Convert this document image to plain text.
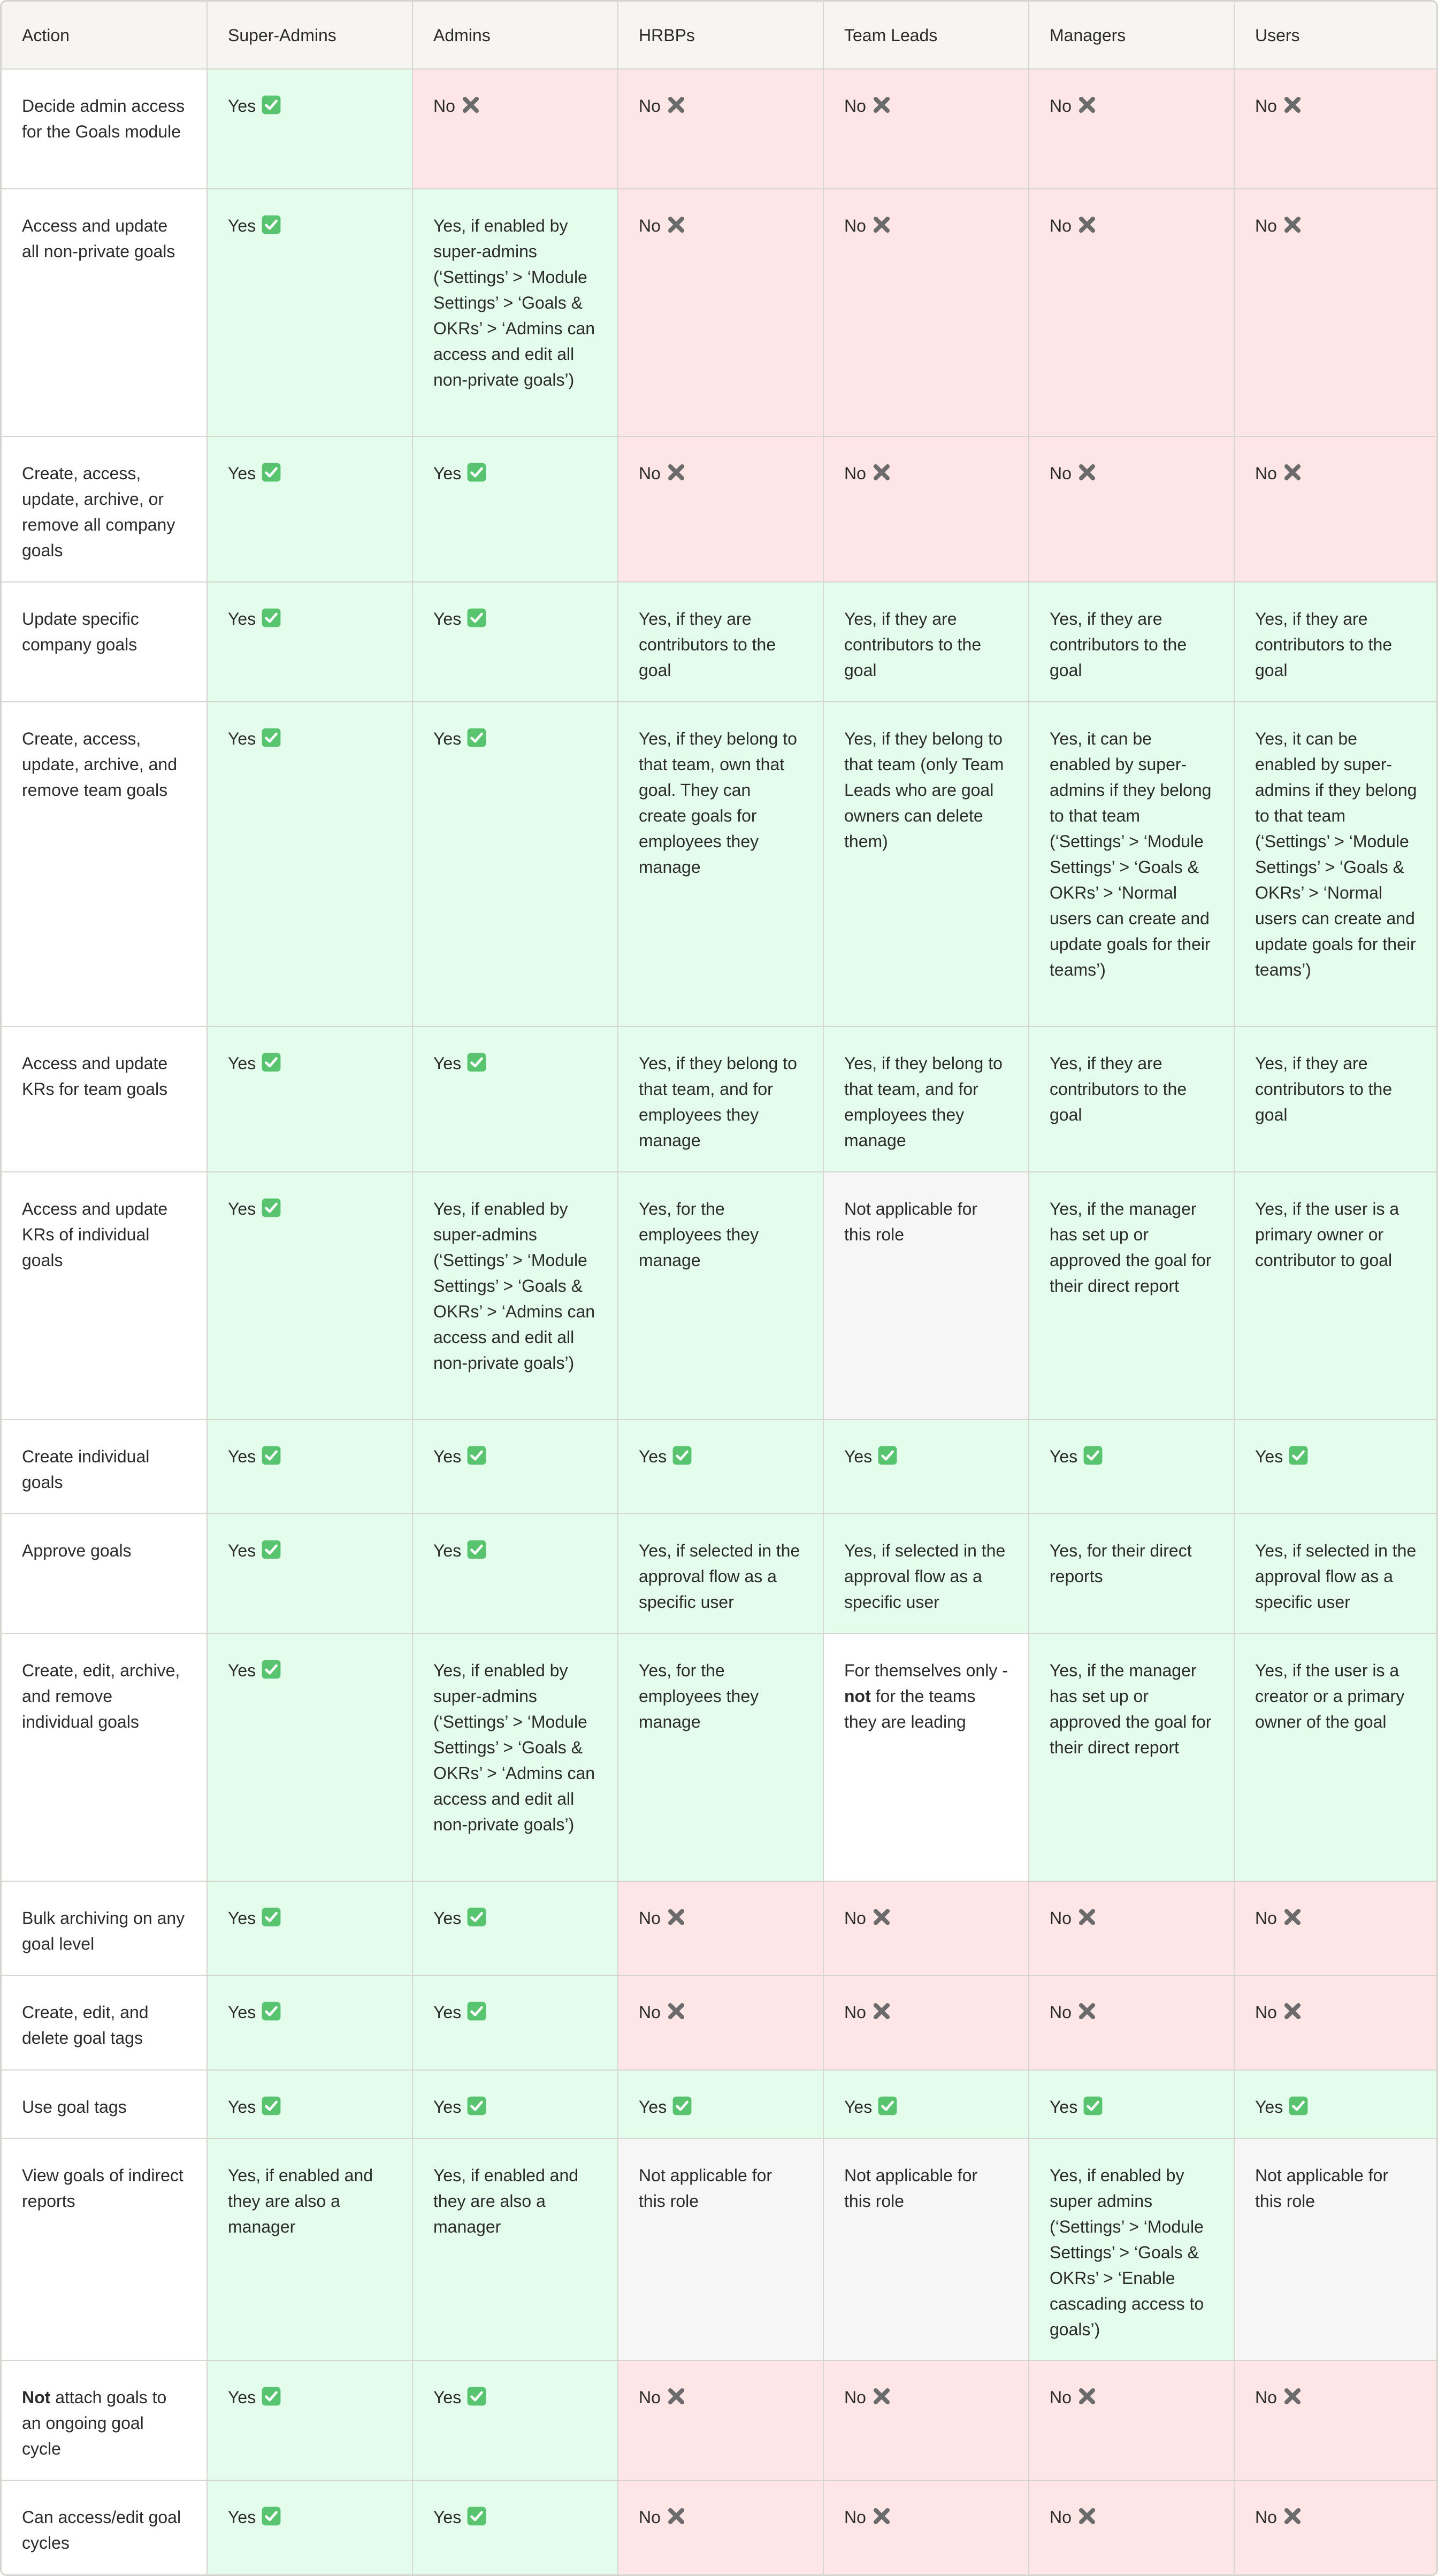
Action	Super-Admins	Admins	HRBPs	Team Leads	Managers	Users
Decide admin access for the Goals module	Yes	No	No	No	No	No

Access and update all non-private goals	Yes	Yes, if enabled by super-admins (‘Settings’ > ‘Module Settings’ > ‘Goals & OKRs’ > ‘Admins can access and edit all non-private goals’)	No	No	No	No

Create, access, update, archive, or remove all company goals	Yes	Yes	No	No	No	No

Update specific company goals	Yes	Yes	Yes, if they are contributors to the goal	Yes, if they are contributors to the goal	Yes, if they are contributors to the goal	Yes, if they are contributors to the goal
Create, access, update, archive, and remove team goals	Yes	Yes	Yes, if they belong to that team, own that goal. They can create goals for employees they manage	Yes, if they belong to that team (only Team Leads who are goal owners can delete them)	Yes, it can be enabled by super-admins if they belong to that team (‘Settings’ > ‘Module Settings’ > ‘Goals & OKRs’ > ‘Normal users can create and update goals for their teams’)	Yes, it can be enabled by super-admins if they belong to that team (‘Settings’ > ‘Module Settings’ > ‘Goals & OKRs’ > ‘Normal users can create and update goals for their teams’)
Access and update KRs for team goals	Yes	Yes	Yes, if they belong to that team, and for employees they manage	Yes, if they belong to that team, and for employees they manage	Yes, if they are contributors to the goal	Yes, if they are contributors to the goal
Access and update KRs of individual goals	Yes	Yes, if enabled by super-admins (‘Settings’ > ‘Module Settings’ > ‘Goals & OKRs’ > ‘Admins can access and edit all non-private goals’)	Yes, for the employees they manage	Not applicable for this role	Yes, if the manager has set up or approved the goal for their direct report	Yes, if the user is a primary owner or contributor to goal
Create individual goals	Yes	Yes	Yes	Yes	Yes	Yes

Approve goals	Yes	Yes	Yes, if selected in the approval flow as a specific user	Yes, if selected in the approval flow as a specific user	Yes, for their direct reports	Yes, if selected in the approval flow as a specific user
Create, edit, archive, and remove individual goals	Yes	Yes, if enabled by super-admins (‘Settings’ > ‘Module Settings’ > ‘Goals & OKRs’ > ‘Admins can access and edit all non-private goals’)	Yes, for the employees they manage	For themselves only - not for the teams they are leading	Yes, if the manager has set up or approved the goal for their direct report	Yes, if the user is a creator or a primary owner of the goal
Bulk archiving on any goal level	Yes	Yes	No	No	No	No

Create, edit, and delete goal tags	Yes	Yes	No	No	No	No

Use goal tags	Yes	Yes	Yes	Yes	Yes	Yes

View goals of indirect reports	Yes, if enabled and they are also a manager	Yes, if enabled and they are also a manager	Not applicable for this role	Not applicable for this role	Yes, if enabled by super admins (‘Settings’ > ‘Module Settings’ > ‘Goals & OKRs’ > ‘Enable cascading access to goals’)	Not applicable for this role
Not attach goals to an ongoing goal cycle	Yes	Yes	No	No	No	No

Can access/edit goal cycles	Yes	Yes	No	No	No	No
